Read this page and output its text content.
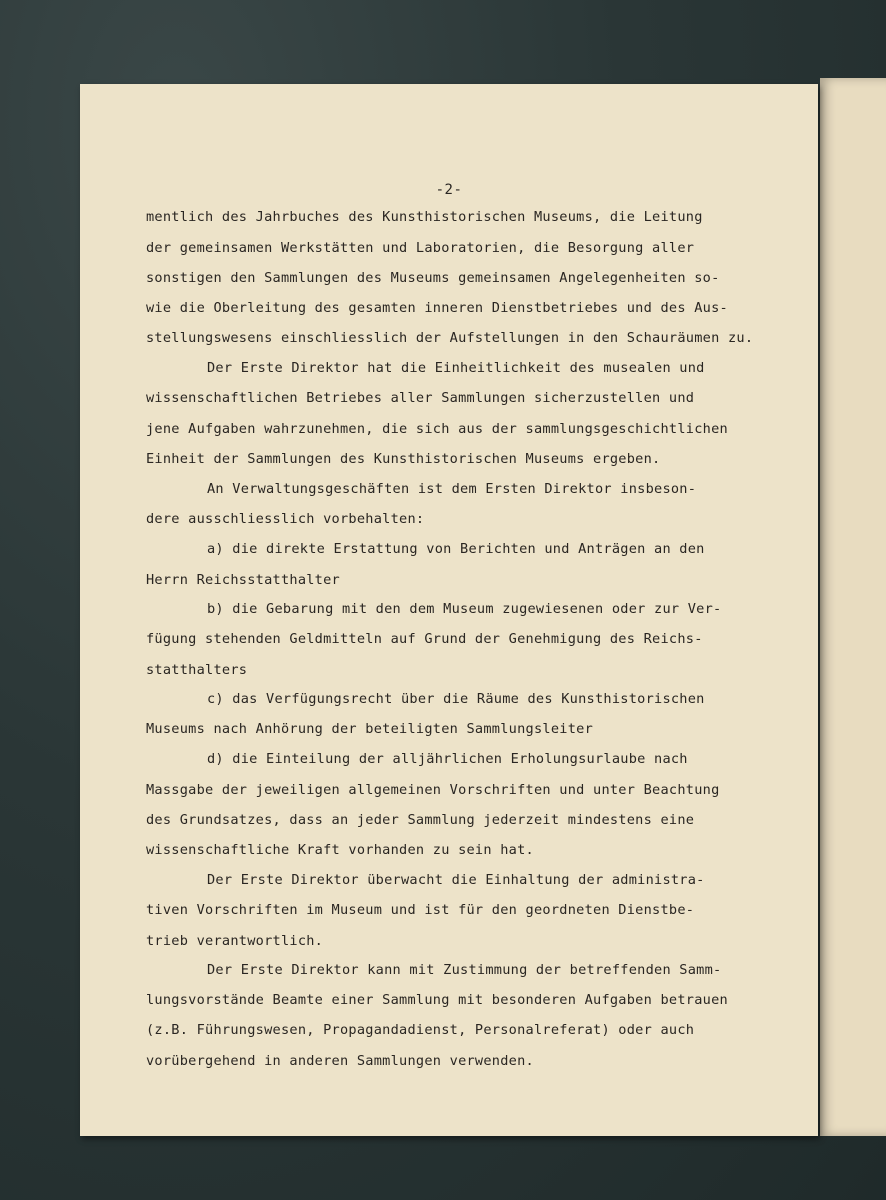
-2-
mentlich des Jahrbuches des Kunsthistorischen Museums, die Leitung
der gemeinsamen Werkstätten und Laboratorien, die Besorgung aller
sonstigen den Sammlungen des Museums gemeinsamen Angelegenheiten so-
wie die Oberleitung des gesamten inneren Dienstbetriebes und des Aus-
stellungswesens einschliesslich der Aufstellungen in den Schauräumen zu.
Der Erste Direktor hat die Einheitlichkeit des musealen und
wissenschaftlichen Betriebes aller Sammlungen sicherzustellen und
jene Aufgaben wahrzunehmen, die sich aus der sammlungsgeschichtlichen
Einheit der Sammlungen des Kunsthistorischen Museums ergeben.
An Verwaltungsgeschäften ist dem Ersten Direktor insbeson-
dere ausschliesslich vorbehalten:
a) die direkte Erstattung von Berichten und Anträgen an den
Herrn Reichsstatthalter
b) die Gebarung mit den dem Museum zugewiesenen oder zur Ver-
fügung stehenden Geldmitteln auf Grund der Genehmigung des Reichs-
statthalters
c) das Verfügungsrecht über die Räume des Kunsthistorischen
Museums nach Anhörung der beteiligten Sammlungsleiter
d) die Einteilung der alljährlichen Erholungsurlaube nach
Massgabe der jeweiligen allgemeinen Vorschriften und unter Beachtung
des Grundsatzes, dass an jeder Sammlung jederzeit mindestens eine
wissenschaftliche Kraft vorhanden zu sein hat.
Der Erste Direktor überwacht die Einhaltung der administra-
tiven Vorschriften im Museum und ist für den geordneten Dienstbe-
trieb verantwortlich.
Der Erste Direktor kann mit Zustimmung der betreffenden Samm-
lungsvorstände Beamte einer Sammlung mit besonderen Aufgaben betrauen
(z.B. Führungswesen, Propagandadienst, Personalreferat) oder auch
vorübergehend in anderen Sammlungen verwenden.
